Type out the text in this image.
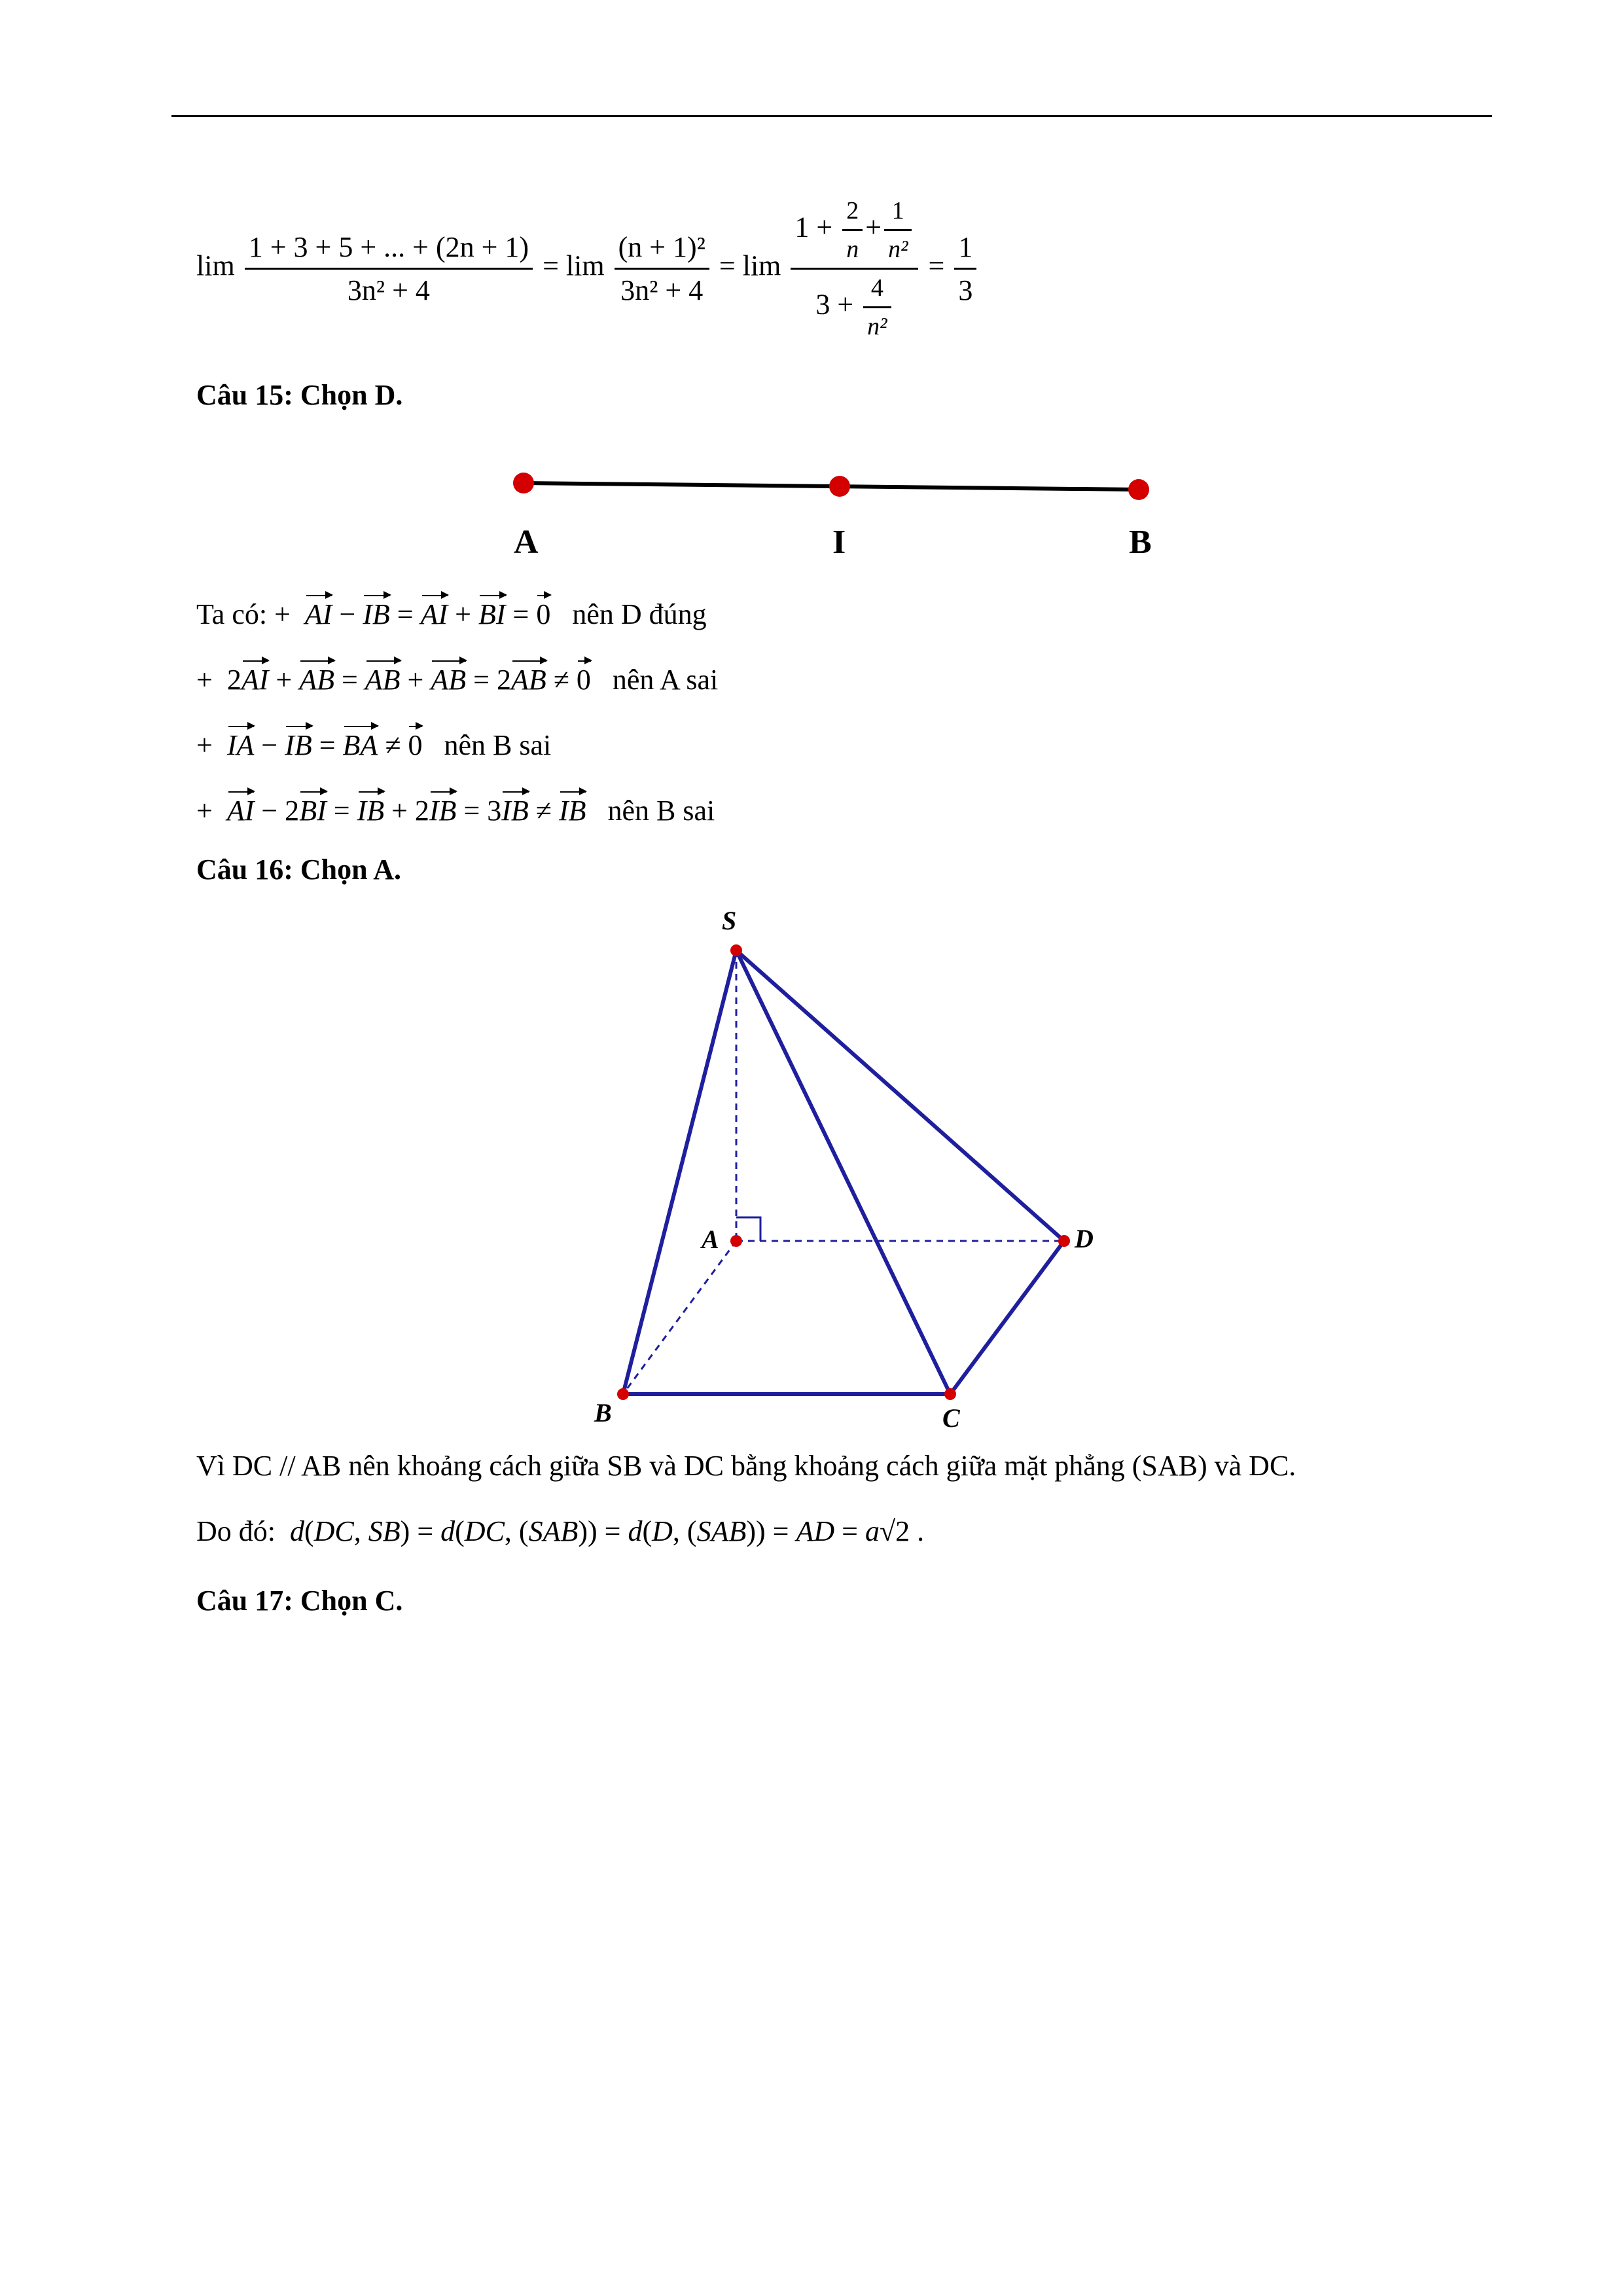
$\lim \frac{1 + 3 + 5 + ... + (2n + 1)}{\text{3n² + 4}} = \lim \frac{\text{(n + 1)²}}{\text{3n² + 4}} = \lim \frac{1 + \frac{2}{n} + \frac{1}{\text{n²}}}{3 + \frac{4}{\text{n²}}} = \frac{1}{3}$
Câu 15: Chọn D.
A	I	B
Ta có: + AI − IB = AI + BI = 0 nên D đúng
+  2AI + AB = AB + AB = 2AB ≠ 0 nên A sai
+ IA − IB = BA ≠ 0 nên B sai
+ AI − 2BI = IB + 2IB = 3IB ≠ IB nên B sai
Câu 16: Chọn A.
S
A
B	C
D
Vì DC // AB nên khoảng cách giữa SB và DC bằng khoảng cách giữa mặt phẳng (SAB) và DC.
Do đó: d(DC, SB) = d(DC, (SAB)) = d(D, (SAB)) = AD = a√2 .
Câu 17: Chọn C.
